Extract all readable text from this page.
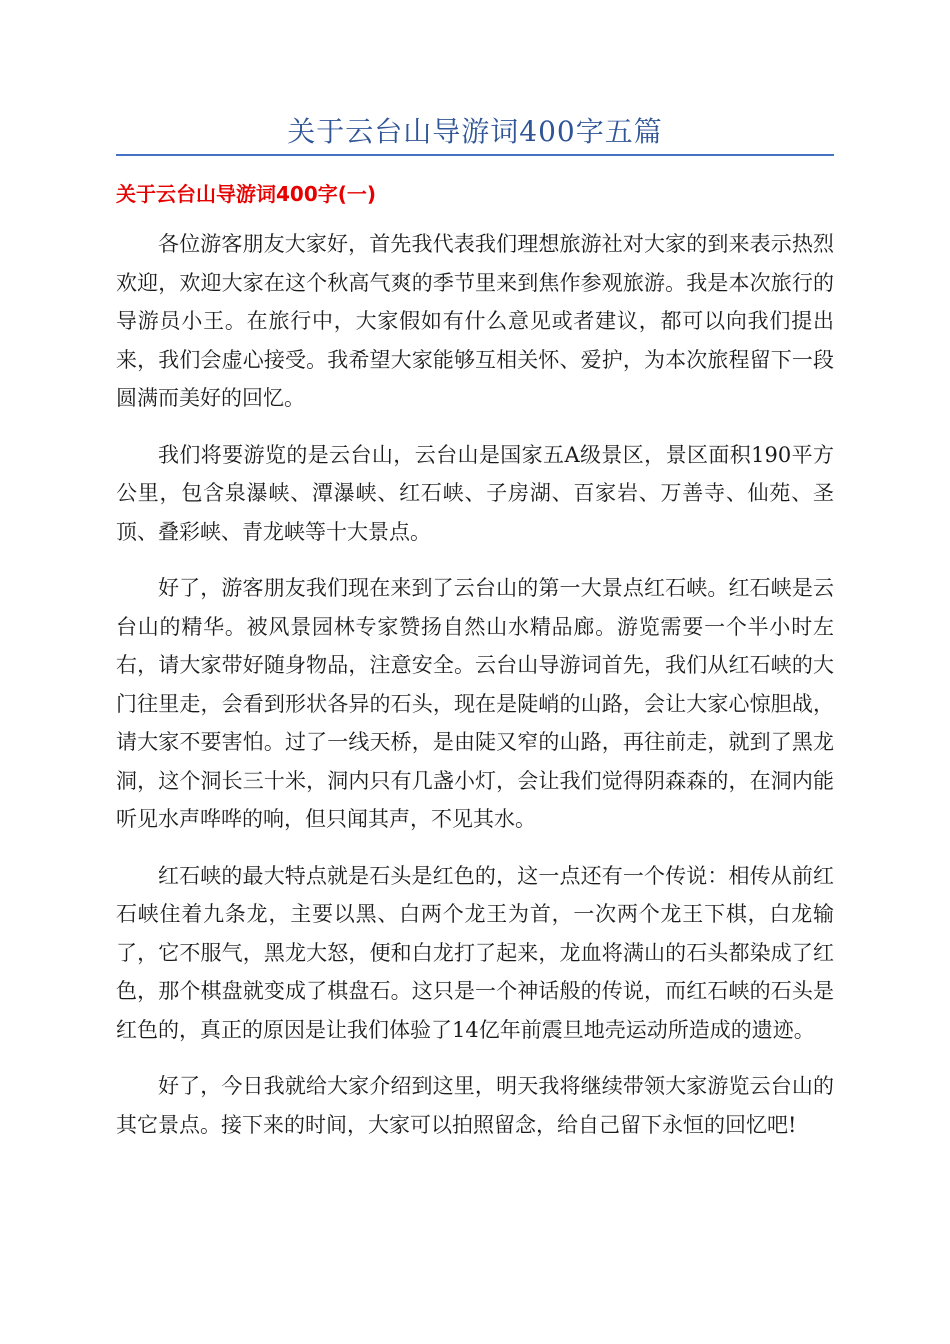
关于云台山导游词400字五篇
关于云台山导游词400字(一)

各位游客朋友大家好，首先我代表我们理想旅游社对大家的到来表示热烈欢迎，欢迎大家在这个秋高气爽的季节里来到焦作参观旅游。我是本次旅行的导游员小王。在旅行中，大家假如有什么意见或者建议，都可以向我们提出来，我们会虚心接受。我希望大家能够互相关怀、爱护，为本次旅程留下一段圆满而美好的回忆。

我们将要游览的是云台山，云台山是国家五A级景区，景区面积190平方公里，包含泉瀑峡、潭瀑峡、红石峡、子房湖、百家岩、万善寺、仙苑、圣顶、叠彩峡、青龙峡等十大景点。

好了，游客朋友我们现在来到了云台山的第一大景点红石峡。红石峡是云台山的精华。被风景园林专家赞扬自然山水精品廊。游览需要一个半小时左右，请大家带好随身物品，注意安全。云台山导游词首先，我们从红石峡的大门往里走，会看到形状各异的石头，现在是陡峭的山路，会让大家心惊胆战，请大家不要害怕。过了一线天桥，是由陡又窄的山路，再往前走，就到了黑龙洞，这个洞长三十米，洞内只有几盏小灯，会让我们觉得阴森森的，在洞内能听见水声哗哗的响，但只闻其声，不见其水。

红石峡的最大特点就是石头是红色的，这一点还有一个传说：相传从前红石峡住着九条龙，主要以黑、白两个龙王为首，一次两个龙王下棋，白龙输了，它不服气，黑龙大怒，便和白龙打了起来，龙血将满山的石头都染成了红色，那个棋盘就变成了棋盘石。这只是一个神话般的传说，而红石峡的石头是红色的，真正的原因是让我们体验了14亿年前震旦地壳运动所造成的遗迹。

好了，今日我就给大家介绍到这里，明天我将继续带领大家游览云台山的其它景点。接下来的时间，大家可以拍照留念，给自己留下永恒的回忆吧!
